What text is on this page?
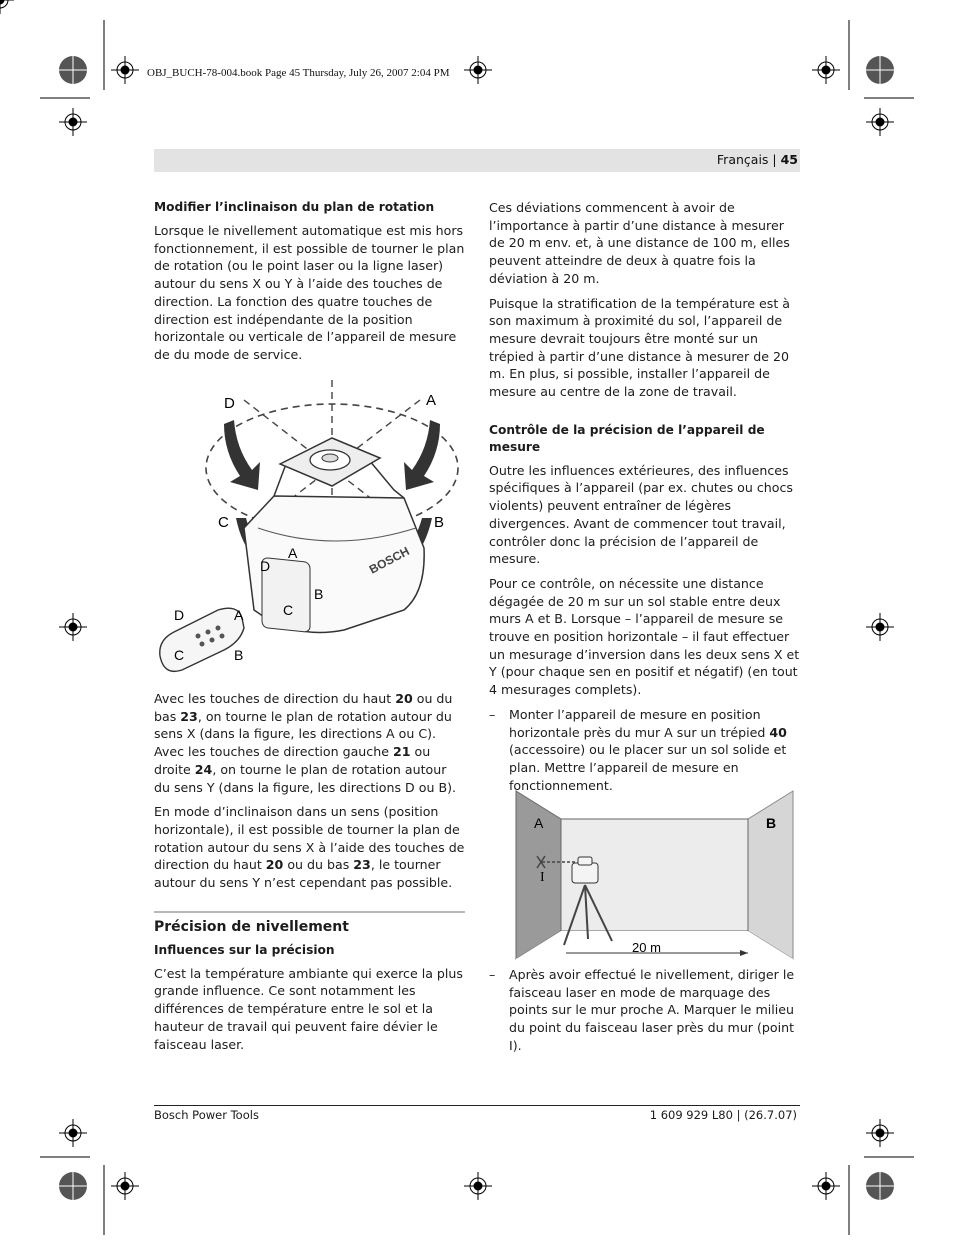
OBJ_BUCH-78-004.book Page 45 Thursday, July 26, 2007 2:04 PM
Français | 45
Modifier l’inclinaison du plan de rotation

Lorsque le nivellement automatique est mis hors fonctionnement, il est possible de tourner le plan de rotation (ou le point laser ou la ligne laser) autour du sens X ou Y à l’aide des touches de direction. La fonction des quatre touches de direction est indépendante de la position horizontale ou verticale de l’appareil de mesure de du mode de service.

BOSCH
D	A
C	B
A
D
B
C
D	A
C	B

Avec les touches de direction du haut 20 ou du bas 23, on tourne le plan de rotation autour du sens X (dans la figure, les directions A ou C). Avec les touches de direction gauche 21 ou droite 24, on tourne le plan de rotation autour du sens Y (dans la figure, les directions D ou B).

En mode d’inclinaison dans un sens (position horizontale), il est possible de tourner la plan de rotation autour du sens X à l’aide des touches de direction du haut 20 ou du bas 23, le tourner autour du sens Y n’est cependant pas possible.

Précision de nivellement
Influences sur la précision

C’est la température ambiante qui exerce la plus grande influence. Ce sont notamment les différences de température entre le sol et la hauteur de travail qui peuvent faire dévier le faisceau laser.

Ces déviations commencent à avoir de l’importance à partir d’une distance à mesurer de 20 m env. et, à une distance de 100 m, elles peuvent atteindre de deux à quatre fois la déviation à 20 m.

Puisque la stratification de la température est à son maximum à proximité du sol, l’appareil de mesure devrait toujours être monté sur un trépied à partir d’une distance à mesurer de 20 m. En plus, si possible, installer l’appareil de mesure au centre de la zone de travail.

Contrôle de la précision de l’appareil de mesure

Outre les influences extérieures, des influences spécifiques à l’appareil (par ex. chutes ou chocs violents) peuvent entraîner de légères divergences. Avant de commencer tout travail, contrôler donc la précision de l’appareil de mesure.

Pour ce contrôle, on nécessite une distance dégagée de 20 m sur un sol stable entre deux murs A et B. Lorsque – l’appareil de mesure se trouve en position horizontale – il faut effectuer un mesurage d’inversion dans les deux sens X et Y (pour chaque sen en positif et négatif) (en tout 4 mesurages complets).

– Monter l’appareil de mesure en position horizontale près du mur A sur un trépied 40 (accessoire) ou le placer sur un sol solide et plan. Mettre l’appareil de mesure en fonctionnement.
A	B
I
20 m
– Après avoir effectué le nivellement, diriger le faisceau laser en mode de marquage des points sur le mur proche A. Marquer le milieu du point du faisceau laser près du mur (point I).
Bosch Power Tools	1 609 929 L80 | (26.7.07)
